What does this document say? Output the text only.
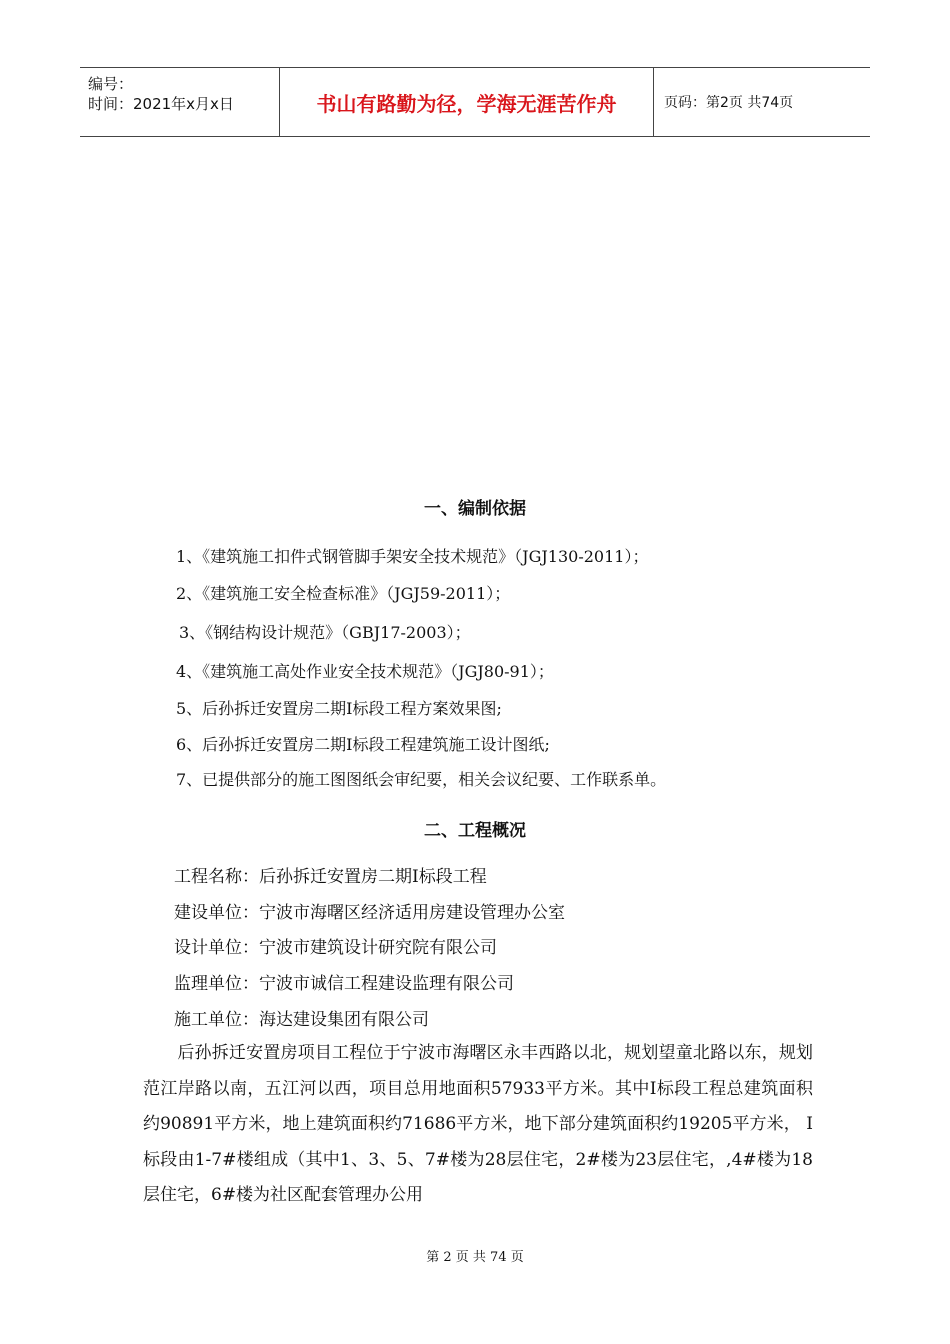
编号：
时间：2021年x月x日	书山有路勤为径，学海无涯苦作舟	页码：第2页 共74页
一、编制依据
1、《建筑施工扣件式钢管脚手架安全技术规范》（JGJ130-2011）；
2、《建筑施工安全检查标准》（JGJ59-2011）；
3、《钢结构设计规范》（GBJ17-2003）；
4、《建筑施工高处作业安全技术规范》（JGJ80-91）；
5、后孙拆迁安置房二期Ⅰ标段工程方案效果图;
6、后孙拆迁安置房二期Ⅰ标段工程建筑施工设计图纸;
7、已提供部分的施工图图纸会审纪要，相关会议纪要、工作联系单。
二、工程概况
工程名称：后孙拆迁安置房二期Ⅰ标段工程
建设单位：宁波市海曙区经济适用房建设管理办公室
设计单位：宁波市建筑设计研究院有限公司
监理单位：宁波市诚信工程建设监理有限公司
施工单位：海达建设集团有限公司
　　后孙拆迁安置房项目工程位于宁波市海曙区永丰西路以北，规划望童北路以东，规划范江岸路以南，五江河以西，项目总用地面积57933平方米。其中Ⅰ标段工程总建筑面积约90891平方米，地上建筑面积约71686平方米，地下部分建筑面积约19205平方米， Ⅰ标段由1-7#楼组成（其中1、3、5、7#楼为28层住宅，2#楼为23层住宅，,4#楼为18层住宅，6#楼为社区配套管理办公用
第 2 页 共 74 页
